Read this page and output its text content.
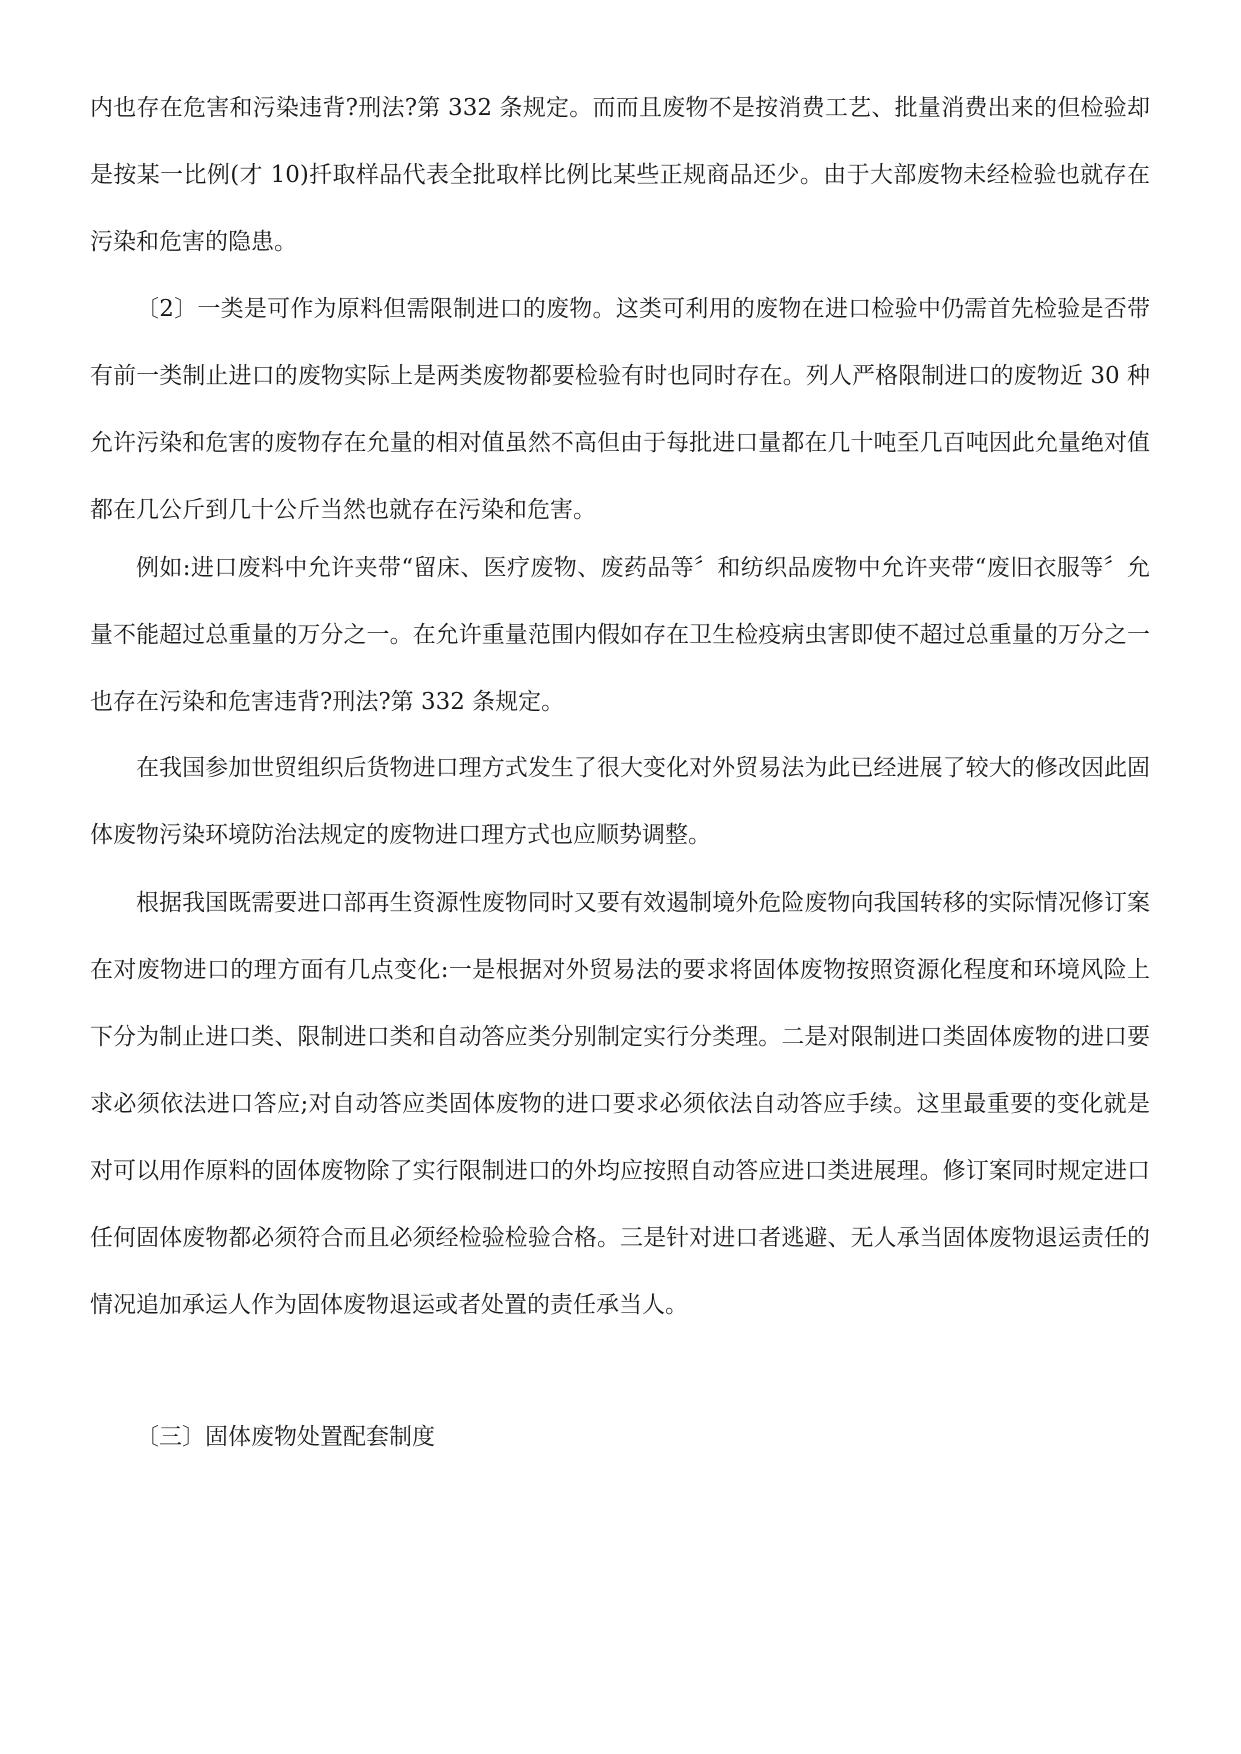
内也存在危害和污染违背?刑法?第 332 条规定。而而且废物不是按消费工艺、批量消费出来的但检验却是按某一比例(才 10)扦取样品代表全批取样比例比某些正规商品还少。由于大部废物未经检验也就存在污染和危害的隐患。

〔2〕一类是可作为原料但需限制进口的废物。这类可利用的废物在进口检验中仍需首先检验是否带有前一类制止进口的废物实际上是两类废物都要检验有时也同时存在。列人严格限制进口的废物近 30 种允许污染和危害的废物存在允量的相对值虽然不高但由于每批进口量都在几十吨至几百吨因此允量绝对值都在几公斤到几十公斤当然也就存在污染和危害。

例如:进口废料中允许夹带“留床、医疗废物、废药品等〞和纺织品废物中允许夹带“废旧衣服等〞允量不能超过总重量的万分之一。在允许重量范围内假如存在卫生检疫病虫害即使不超过总重量的万分之一也存在污染和危害违背?刑法?第 332 条规定。

在我国参加世贸组织后货物进口理方式发生了很大变化对外贸易法为此已经进展了较大的修改因此固体废物污染环境防治法规定的废物进口理方式也应顺势调整。

根据我国既需要进口部再生资源性废物同时又要有效遏制境外危险废物向我国转移的实际情况修订案在对废物进口的理方面有几点变化:一是根据对外贸易法的要求将固体废物按照资源化程度和环境风险上下分为制止进口类、限制进口类和自动答应类分别制定实行分类理。二是对限制进口类固体废物的进口要求必须依法进口答应;对自动答应类固体废物的进口要求必须依法自动答应手续。这里最重要的变化就是对可以用作原料的固体废物除了实行限制进口的外均应按照自动答应进口类进展理。修订案同时规定进口任何固体废物都必须符合而且必须经检验检验合格。三是针对进口者逃避、无人承当固体废物退运责任的情况追加承运人作为固体废物退运或者处置的责任承当人。

〔三〕固体废物处置配套制度
